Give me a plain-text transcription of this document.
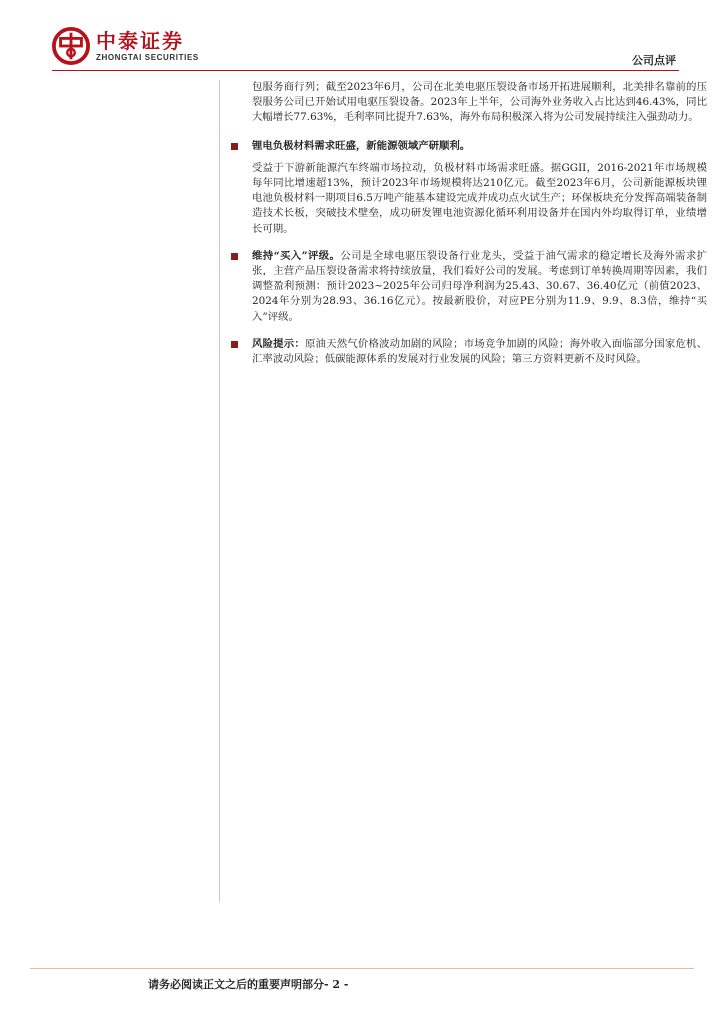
中泰证券
ZHONGTAI SECURITIES	公司点评

包服务商行列；截至2023年6月，公司在北美电驱压裂设备市场开拓进展顺利，北美排名靠前的压裂服务公司已开始试用电驱压裂设备。2023年上半年，公司海外业务收入占比达到46.43%，同比大幅增长77.63%，毛利率同比提升7.63%，海外布局积极深入将为公司发展持续注入强劲动力。

锂电负极材料需求旺盛，新能源领域产研顺利。

受益于下游新能源汽车终端市场拉动，负极材料市场需求旺盛。据GGII，2016-2021年市场规模每年同比增速超13%，预计2023年市场规模将达210亿元。截至2023年6月，公司新能源板块锂电池负极材料一期项目6.5万吨产能基本建设完成并成功点火试生产；环保板块充分发挥高端装备制造技术长板，突破技术壁垒，成功研发锂电池资源化循环利用设备并在国内外均取得订单，业绩增长可期。

维持“买入”评级。公司是全球电驱压裂设备行业龙头，受益于油气需求的稳定增长及海外需求扩张，主营产品压裂设备需求将持续放量，我们看好公司的发展。考虑到订单转换周期等因素，我们调整盈利预测：预计2023~2025年公司归母净利润为25.43、30.67、36.40亿元（前值2023、2024年分别为28.93、36.16亿元）。按最新股价，对应PE分别为11.9、9.9、8.3倍，维持“买入”评级。

风险提示：原油天然气价格波动加剧的风险；市场竞争加剧的风险；海外收入面临部分国家危机、汇率波动风险；低碳能源体系的发展对行业发展的风险；第三方资料更新不及时风险。

请务必阅读正文之后的重要声明部分- 2 -
